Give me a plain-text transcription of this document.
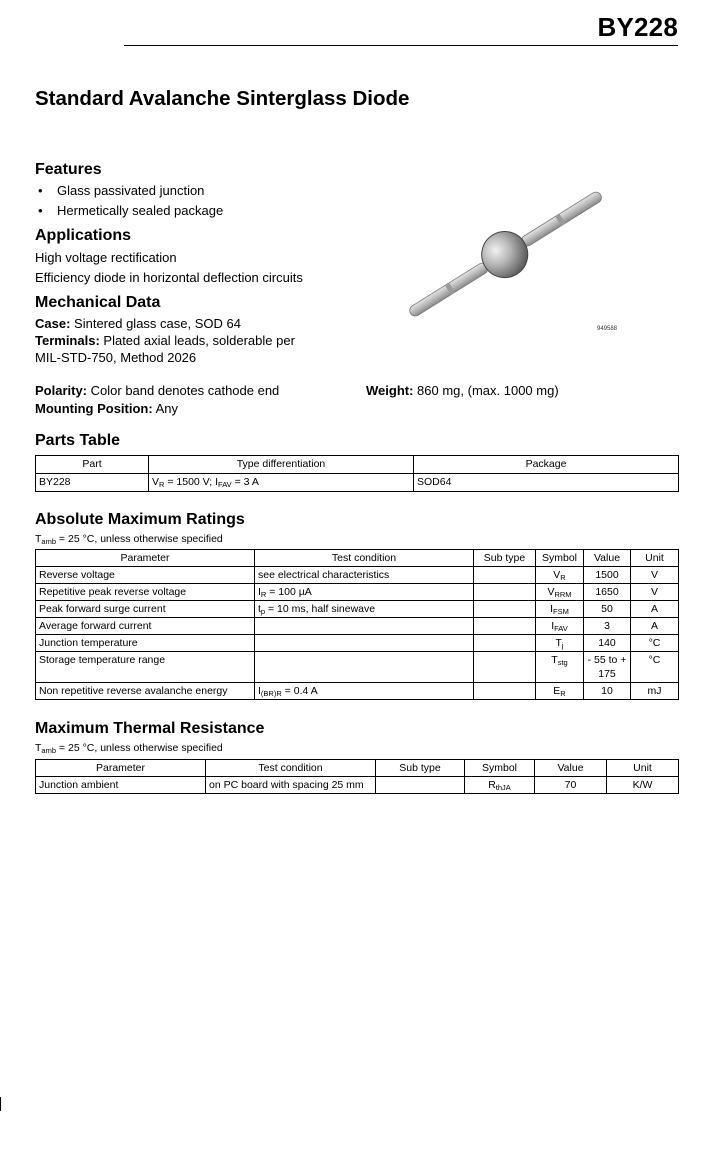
BY228
Standard Avalanche Sinterglass Diode
Features
• Glass passivated junction
• Hermetically sealed package
Applications
High voltage rectification
Efficiency diode in horizontal deflection circuits
Mechanical Data
Case: Sintered glass case, SOD 64
Terminals: Plated axial leads, solderable per
MIL-STD-750, Method 2026
Polarity: Color band denotes cathode end
Mounting Position: Any
Weight: 860 mg, (max. 1000 mg)
949588
Parts Table
Part	Type differentiation	Package
BY228	$V_R = 1500$ V; $I_{FAV} = 3$ A	SOD64
Absolute Maximum Ratings
$T_{amb} = 25$ °C, unless otherwise specified
Parameter	Test condition	Sub type	Symbol	Value	Unit
Reverse voltage	see electrical characteristics		$V_R$	1500	V
Repetitive peak reverse voltage	$I_R = 100$ µA		$V_{RRM}$	1650	V
Peak forward surge current	$t_p = 10$ ms, half sinewave		$I_{FSM}$	50	A
Average forward current			$I_{FAV}$	3	A
Junction temperature			$T_j$	140	°C
Storage temperature range			$T_{stg}$	- 55 to + 175	°C
Non repetitive reverse avalanche energy	$I_{(BR)R} = 0.4$ A		$E_R$	10	mJ
Maximum Thermal Resistance
$T_{amb} = 25$ °C, unless otherwise specified
Parameter	Test condition	Sub type	Symbol	Value	Unit
Junction ambient	on PC board with spacing 25 mm		$R_{thJA}$	70	K/W
